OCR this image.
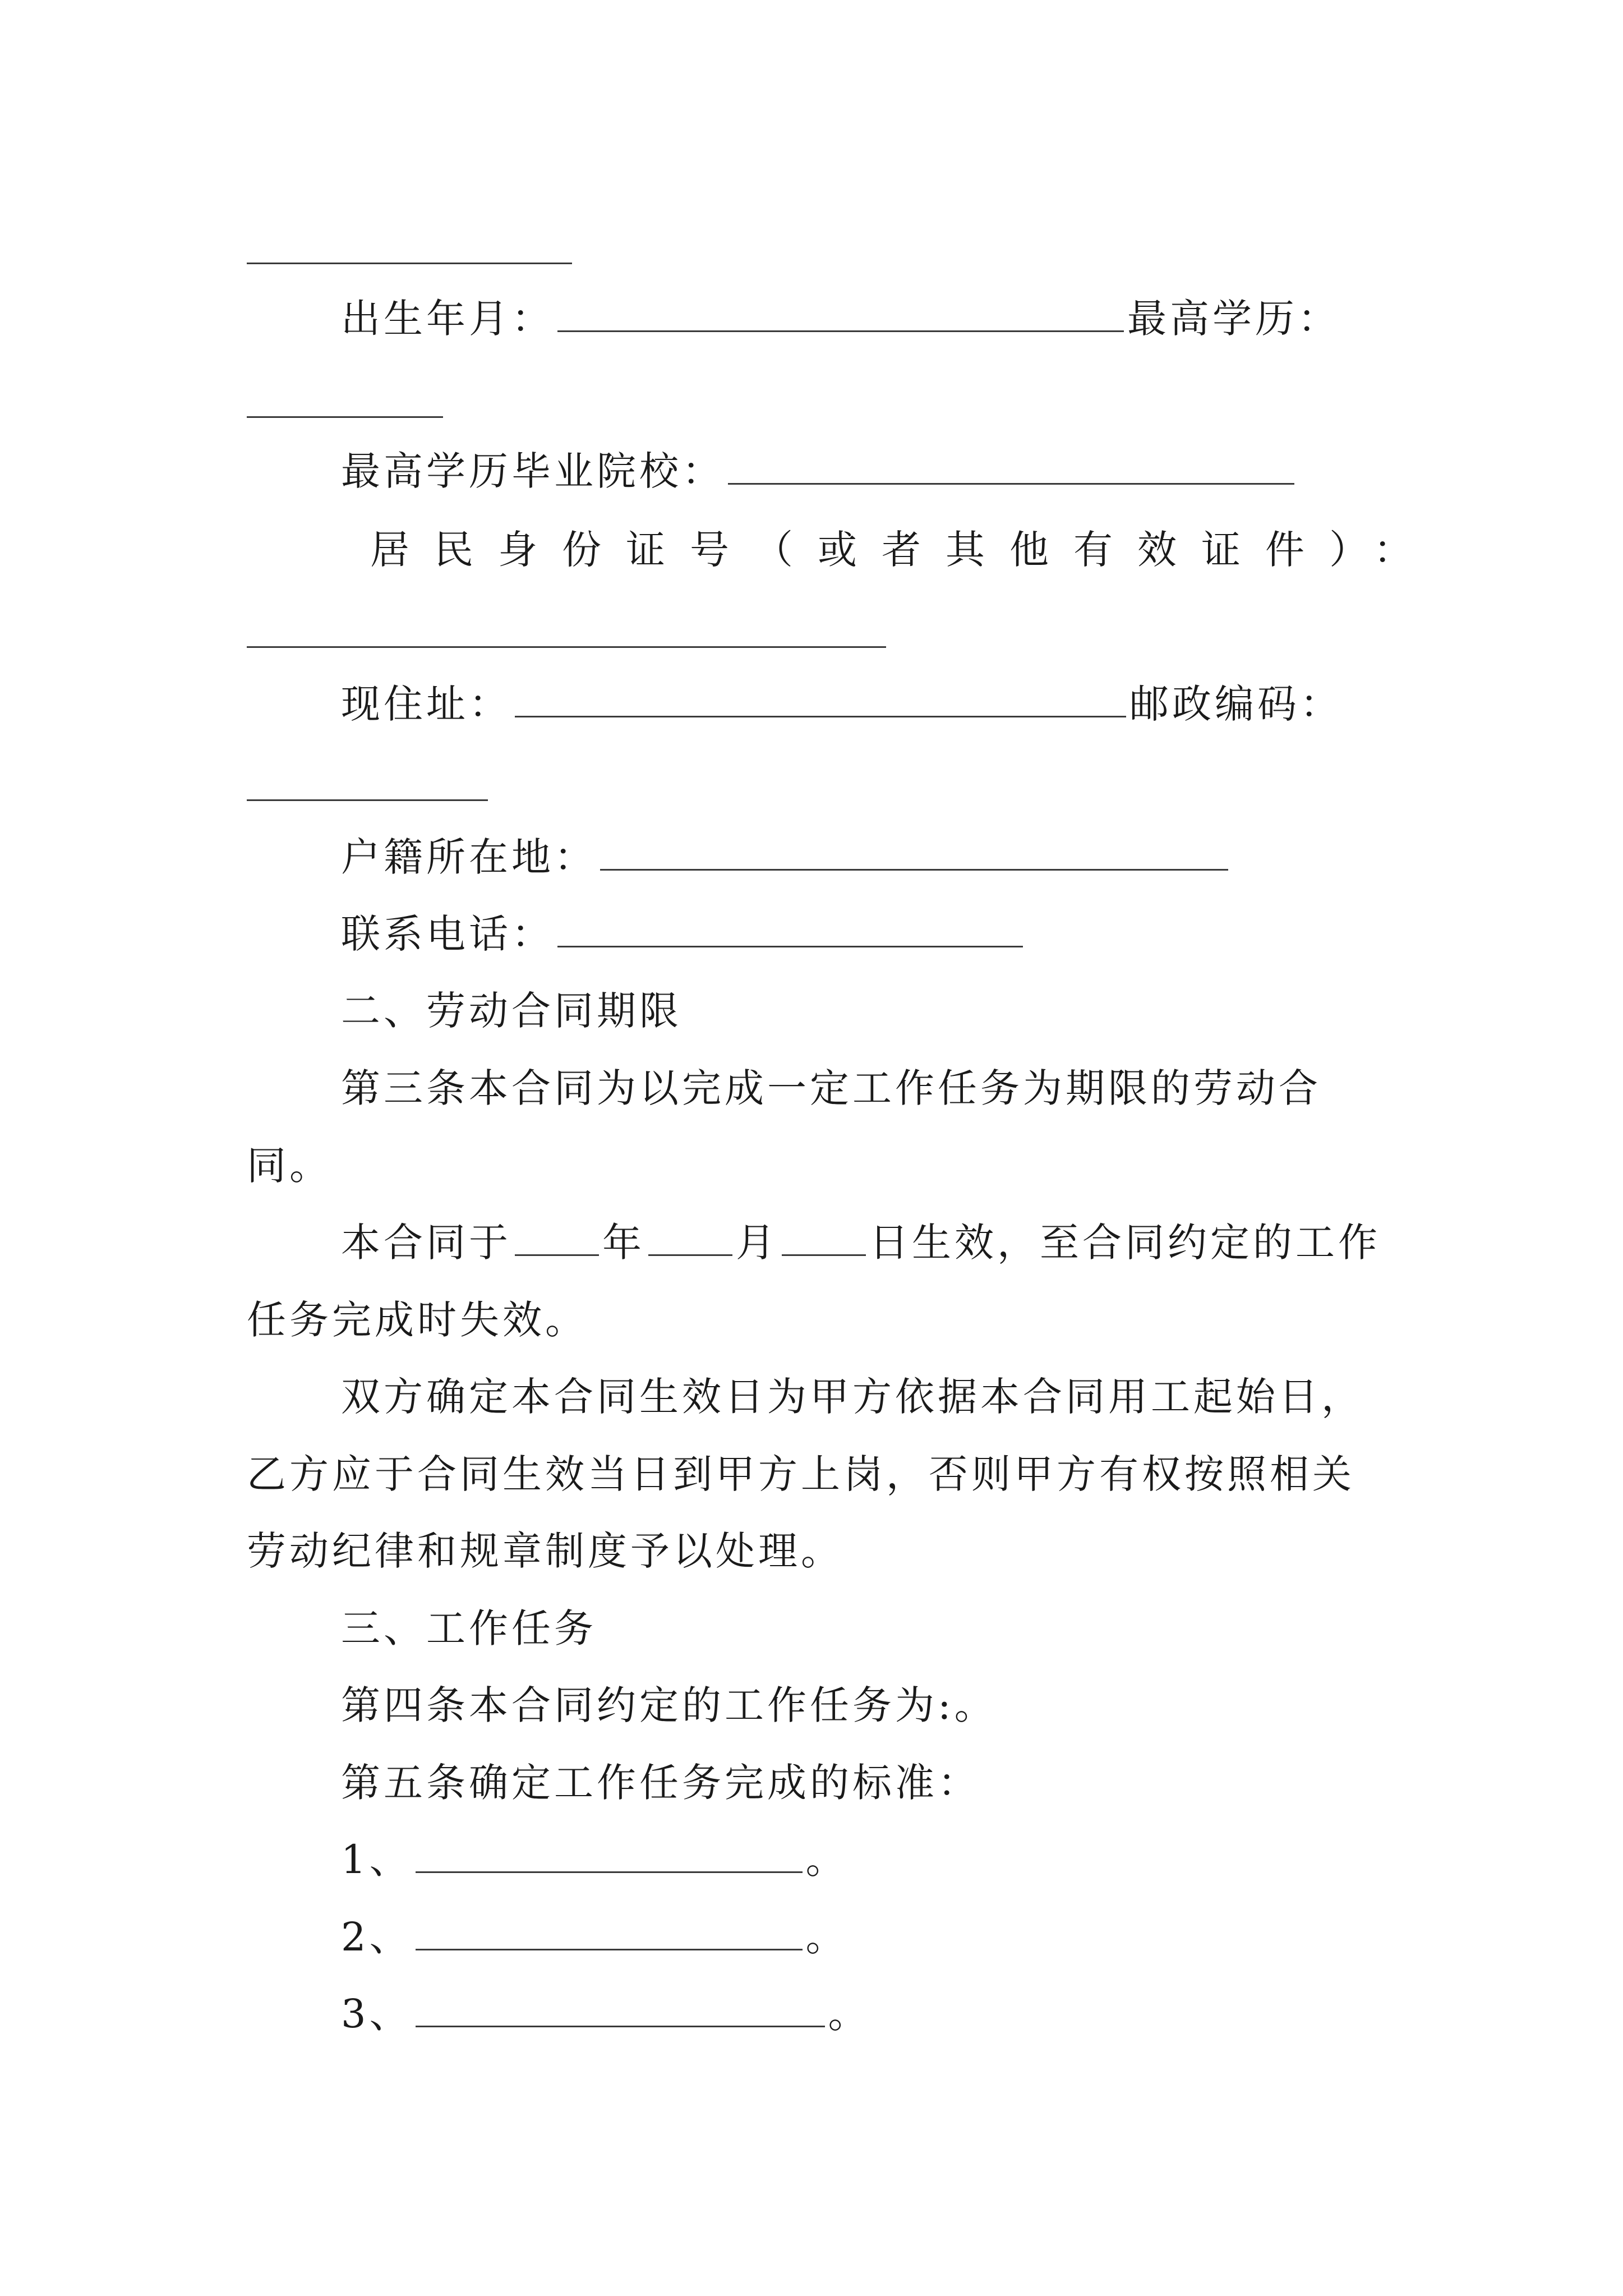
出生年月：	最高学历：
最高学历毕业院校：
居民身份证号（或者其他有效证件）：
现住址：	邮政编码：
户籍所在地：
联系电话：
二、劳动合同期限
第三条本合同为以完成一定工作任务为期限的劳动合
同。
本合同于 年 月 日生效，至合同约定的工作
任务完成时失效。
双方确定本合同生效日为甲方依据本合同用工起始日，
乙方应于合同生效当日到甲方上岗，否则甲方有权按照相关
劳动纪律和规章制度予以处理。
三、工作任务
第四条本合同约定的工作任务为:。
第五条确定工作任务完成的标准：
1、	。
2、	。
3、	。
